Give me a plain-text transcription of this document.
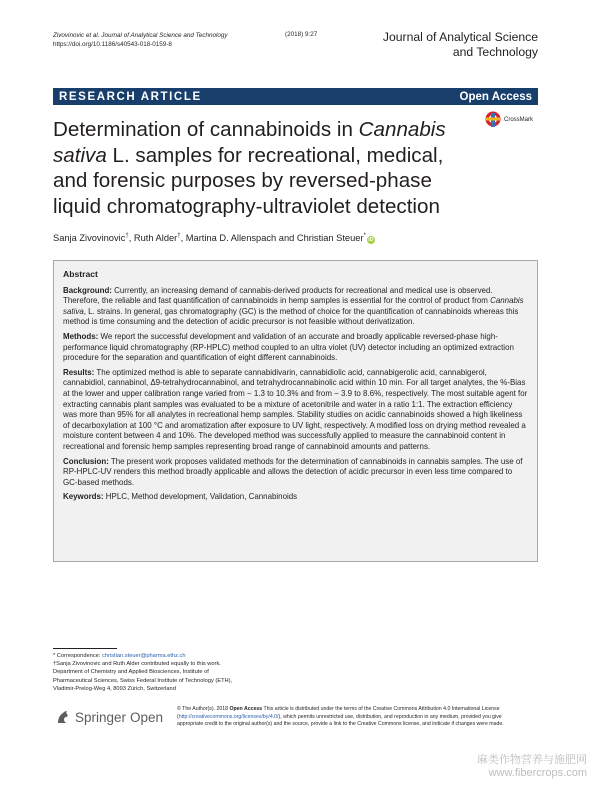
Zivovinovic et al. Journal of Analytical Science and Technology
https://doi.org/10.1186/s40543-018-0159-8
(2018) 9:27	Journal of Analytical Science
and Technology
RESEARCH ARTICLE	Open Access
Determination of cannabinoids in Cannabis sativa L. samples for recreational, medical, and forensic purposes by reversed-phase liquid chromatography-ultraviolet detection
CrossMark
Sanja Zivovinovic†, Ruth Alder†, Martina D. Allenspach and Christian Steuer*iD
Abstract

Background: Currently, an increasing demand of cannabis-derived products for recreational and medical use is observed. Therefore, the reliable and fast quantification of cannabinoids in hemp samples is essential for the control of product from Cannabis sativa, L. strains. In general, gas chromatography (GC) is the method of choice for the quantification of cannabinoids whereas this method is time consuming and the detection of acidic precursor is not feasible without derivatization.

Methods: We report the successful development and validation of an accurate and broadly applicable reversed-phase high-performance liquid chromatography (RP-HPLC) method coupled to an ultra violet (UV) detector including an optimized extraction procedure for the separation and quantification of eight different cannabinoids.

Results: The optimized method is able to separate cannabidivarin, cannabidiolic acid, cannabigerolic acid, cannabigerol, cannabidiol, cannabinol, Δ9-tetrahydrocannabinol, and tetrahydrocannabinolic acid within 10 min. For all target analytes, the %-Bias at the lower and upper calibration range varied from − 1.3 to 10.3% and from − 3.9 to 8.6%, respectively. The most suitable agent for extracting cannabis plant samples was evaluated to be a mixture of acetonitrile and water in a ratio 1:1. The extraction efficiency was more than 95% for all analytes in recreational hemp samples. Stability studies on acidic cannabinoids showed a high likeliness of decarboxylation at 100 °C and aromatization after exposure to UV light, respectively. A modified loss on drying method revealed a moisture content between 4 and 10%. The developed method was successfully applied to measure the cannabinoid content in recreational and forensic hemp samples representing broad range of cannabinoid amounts and patterns.

Conclusion: The present work proposes validated methods for the determination of cannabinoids in cannabis samples. The use of RP-HPLC-UV renders this method broadly applicable and allows the detection of acidic precursor in even less time compared to GC-based methods.

Keywords: HPLC, Method development, Validation, Cannabinoids

* Correspondence: christian.steuer@pharma.ethz.ch
†Sanja Zivovinovic and Ruth Alder contributed equally to this work.
Department of Chemistry and Applied Biosciences, Institute of
Pharmaceutical Sciences, Swiss Federal Institute of Technology (ETH),
Vladimir-Prelog-Weg 4, 8093 Zürich, Switzerland
Springer Open
© The Author(s). 2018 Open Access This article is distributed under the terms of the Creative Commons Attribution 4.0 International License (http://creativecommons.org/licenses/by/4.0/), which permits unrestricted use, distribution, and reproduction in any medium, provided you give appropriate credit to the original author(s) and the source, provide a link to the Creative Commons license, and indicate if changes were made.
麻类作物营养与施肥网
www.fibercrops.com
